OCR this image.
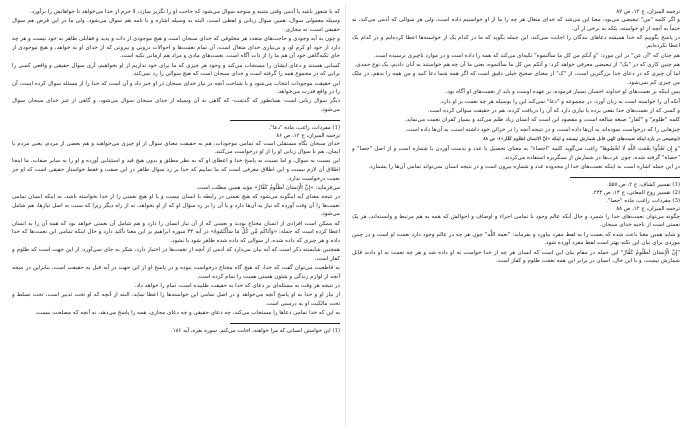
که با شعور باشد یا آدمی وقتی متنبه و متوجه سوال می‌شود که حاجت او را نگزیر سازد، لا جرم از خدا می‌خواهد تا خواهانش را برآورد.

وسیله معمولی سوال، همین سوال زبانی و لفظی است، البته به وسیله اشاره و یا نامه هم سوال می‌شود، ولی ما در این فرض هم سوال حقیقی است، نه مجازی.

و چون به آیه وجودی و حاجت‌های متعدد هر مخلوقی که خدای سبحان است و هیچ موجودی از ذات و پدید و فقابلی ظاهر به خود نیست و هر چه دارد از خود او کرم او، و بی‌نیازی خدای متعال است، آن تمام نعمت‌ها و احوالات درونی و بیرونی که از خدای او به خواهد، و هیچ موجودی از جای تکیه‌گاهی خود آن هم ما را از ذات آگاه است، نعمت‌های مادی و مراد هم ازمانی تکیه است.

کسانی هستند و دعای ایشان را مستجاب می‌کند و وجود هر چیزی که ما برای خود نداریم از او بخواهیم، آری سوال حقیقی و واقعی کسی را برانی که در مجموع همه را گرفته است و خدای سبحان است که هیچ سوالی را رد نمی‌کند.

این حقیقت موجودات انتخاب می‌شود و با شناخت آنچه در نیاز خدای سبحان در او خبر داد و آن است که خدا را از مسئله سوال کرده است، آن را در واقع قدرت می‌خواهد.

دیگر سوال زبانی است- همانطور که گذشت- که گاهی به آن وسیله از خدای سبحان سوال می‌شود، و گاهی از غیر خدای سبحان سوال می‌شود.

(1) مفردات، راغب، ماده "دعا".

ترجمه المیزان، ج ۱۲، ص ۸۶

خدای سبحان نگاه مستقلی است که تمامی موجودات، هم به حقیقت معنای سوال از او چیزی می‌خواهند و هم بعضی از مردم، یعنی مردم با ایمان، هم با سوال زبانی او را از او درخواست می‌کنند.

این نسبت به سوال، و اما نسبت به پاسخ خدا و اعطای او که به نظر مطلق و بدون هیچ قید و استثنایی آورده و او را به سایر صفات، ما اینجا اطلاق آن لازم نیست و این اطلاق معرفی است که ما نماییم که خدا بر رد سوال ظاهر در این صفت و فقط خواستار حقیقی است که او جز نعمت درخواست ندارد.

می‌فرماید: «إِنَّ الْإِنسَانَ لَظَلُومٌ كَفَّارٌ» مؤید همین مطلب است.

در نتیجه معنای آیه اینگونه می‌شود که هیچ نعمتی در رابطه با انسان نیست و یا او هیچ نعمتی را از خدا نخواسته باشد، نه اینکه انسان تمامی نعمت‌ها را آن وقت آورده که نیاز به آن‌ها دارد و یا آن را بر رد سؤال او که از او بخواهد، نه از راه دیگر زیرا که سبب به اصل نیازها، هم شامل می‌شود.

که ممکن است افرادی از انسان محتاج بودند و نعمتی که از آن نیاز انسان را دارد و هم شامل آن نعمتی خواهد بود که همه آن را به انسان اعطا کرده است که جمله: «وَآتَاكُم مِّن كُلِّ مَا سَأَلْتُمُوهُ» در آیه ۳۴ سوره ابراهیم بر این معنا تأکید دارد و حال اینکه تمامی این نعمت‌ها که خدا داده و هر چیزی که داده شده، از سوالی که داده شده ظاهر شود یا نشود.

همچنین شایسته ذکر است که آیه بیان می‌دارد که آدمی از آنچه از نعمت‌ها در اختیار دارد، شکر به جای نمی‌آورد، از این جهت است که ظلوم و کفار است.

به قاطعیت می‌توان گفت که خدا، که هیچ گاه محتاج درخواست نبوده و در پاسخ او از این جهت در آیه قبل به حقیقت است، بنابراین در نتیجه آنچه از لوازم زندگی و شئون هستی هست را تمام کرده است.

در نتیجه هر وقت به مسئله‌ای بر دعای که خدا به حقیقت طلبیده است، تمام را خواهد داد.

از نیاز او و خدا به او پاسخ آنچه می‌خواهد و در اصل تمامی این خواسته‌ها را اعطا نماید، البته از آنچه که او تحت تدبیر است، تحت تسلط و تحت مالکیت او به درستی است.

به این که خدا تمامی دعاها را مستجاب می‌کند، چه دعای حقیقی و چه دعای مجازی، همه را پاسخ می‌دهد، نه آنچه که مصلحت نیست.

(1) این خواستن انسانی که مرا خواهند، اجابت می‌کنم. سوره بقره، آیه ۱۸۶.

ترجمه المیزان، ج ۱۲، ص ۸۷

و اگر کلمه "من" تبعیضی می‌بود، معنا این می‌شد که خدای متعال هر چه را ما از او خواستیم داده است، ولی هر سوالی که آدمی می‌کند، نه حتماً به آنچه از او خواسته، بلکه به برخی از آن.

در پاسخ بگوییم که خدا همیشه دعاهای بندگان را اجابت نمی‌کند، این جمله بگوید که ما در کدام یک از خواسته‌ها اعطا کرده‌ایم و در کدام یک اعطا نکرده‌ایم.

هم چنان که "آن عن" در این مورد: "و آنکم من کل ما سألتموه" تکیه‌ای می‌کند که همه را داده است و در موارد ناچیزی نرسیده است.

هم چنین کاری که در "یک" از تبعیضی معرفی خواهد کرد: و آنکم من کل ما سألتموه، یعنی ما آن چه هم خواستند به آنان دادیم، یک نوع حمدی.

اما آن چیزی که در دعای خدا بزرگترین است، از "ک" از معنای صحیح خیلی دقیق است که اگر همه شما دعا کنید و من همه را بدهم، در ملک من چیزی کم نمی‌شود.

پس اینکه بر نعمت‌های او خداوند احسان بسیار فرموده، بر عهده اوست و باید از نعمت‌های او آگاه بود.

آنکه آن را خواسته است به زبان آورد، در مجموعه و "دعا" نمی‌کند این را بوسیله هر چه نعمت بر او دارد.

و کسی که از نعمت‌های خدا نفعی برده یا نیازی دارد که آن را دریافت کرده، هم در حقیقت سوالی کرده است.

کلمه "ظلوم" و "کفار" صیغه مبالغه است، و مقصود این است که انسان زیاد ظلم می‌کند و بسیار کفران نعمت می‌نماید.

چیزهایی را که درخواست نموده‌اند به آن‌ها داده است، و در نتیجه آنچه را در خزائن خود داشته است، به آن‌ها داده است.

(توضیحی در باره اینکه نعمت‌های الهی قابل شمارش نیستند و اینکه «انّ الانسان لظلوم کفّار»)- ص ۸۸

"و إِن تَعُدُّوا نِعْمَتَ اللَّهِ لَا تُحْصُوهَا" راغب می‌گوید کلمه "احصاء" به معنای تحصیل با عدد و بدست آوردن با شماره است و از اصل "حصا" و "حصاة" گرفته شده، چون عرب‌ها در شمارش از سنگریزه استفاده می‌کردند.

در این جمله اشاره است به اینکه نعمت‌های خدا از محدوده عدد و شماره بیرون است و در نتیجه انسان نمی‌تواند تمامی آن‌ها را بشمارد.

(1) تفسیر کشاف، ج ۲، ص ۵۵۷.

(2) تفسیر روح المعانی، ج ۱۳، ص ۲۳۴.

(3) مفردات، راغب، ماده "حصا".

ترجمه المیزان، ج ۱۲، ص ۸۸

چگونه می‌توان نعمت‌های خدا را شمرد و حال آنکه عالم وجود با تمامی اجزاء و اوصاف و احوالش که همه به هم مرتبط و وابسته‌اند، هر یک نعمتی است از ناحیه خدای سبحان.

و شاید همین معنا باعث شده که نعمت را به لفظ مفرد بیاورد و بفرماید: "نعمة اللَّه" چون هر چه در عالم وجود دارد نعمت او است و در چنین موردی برای بیان این نکته بهتر است لفظ مفرد آورده شود.

"إِنَّ الْإِنسَانَ لَظَلُومٌ كَفَّارٌ" این جمله در مقام بیان این است که انسان هر چه از خدا خواست به او داده شد و هر چه نعمت به او دادند قابل شمارش نیست، و با این حال، انسان در برابر این همه نعمت ظلوم و کفار است.
